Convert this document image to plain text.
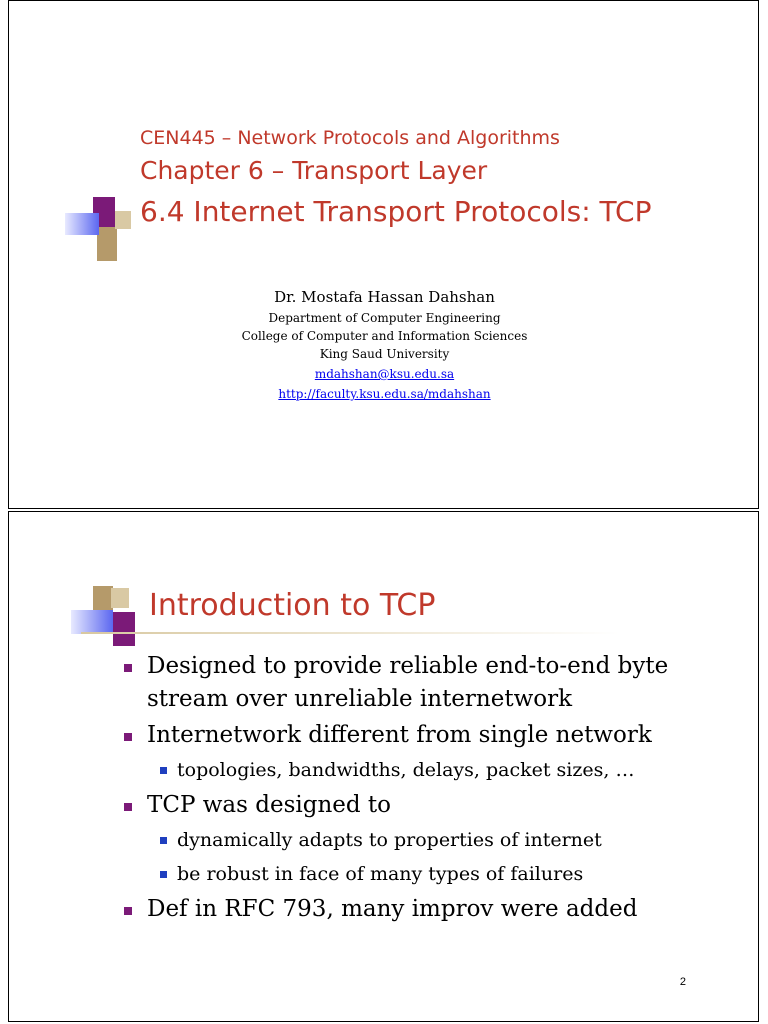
CEN445 – Network Protocols and Algorithms
Chapter 6 – Transport Layer
6.4 Internet Transport Protocols: TCP
Dr. Mostafa Hassan Dahshan
Department of Computer Engineering
College of Computer and Information Sciences
King Saud University
mdahshan@ksu.edu.sa
http://faculty.ksu.edu.sa/mdahshan
Introduction to TCP
Designed to provide reliable end-to-end byte stream over unreliable internetwork
Internetwork different from single network
topologies, bandwidths, delays, packet sizes, …
TCP was designed to
dynamically adapts to properties of internet
be robust in face of many types of failures
Def in RFC 793, many improv were added
2
